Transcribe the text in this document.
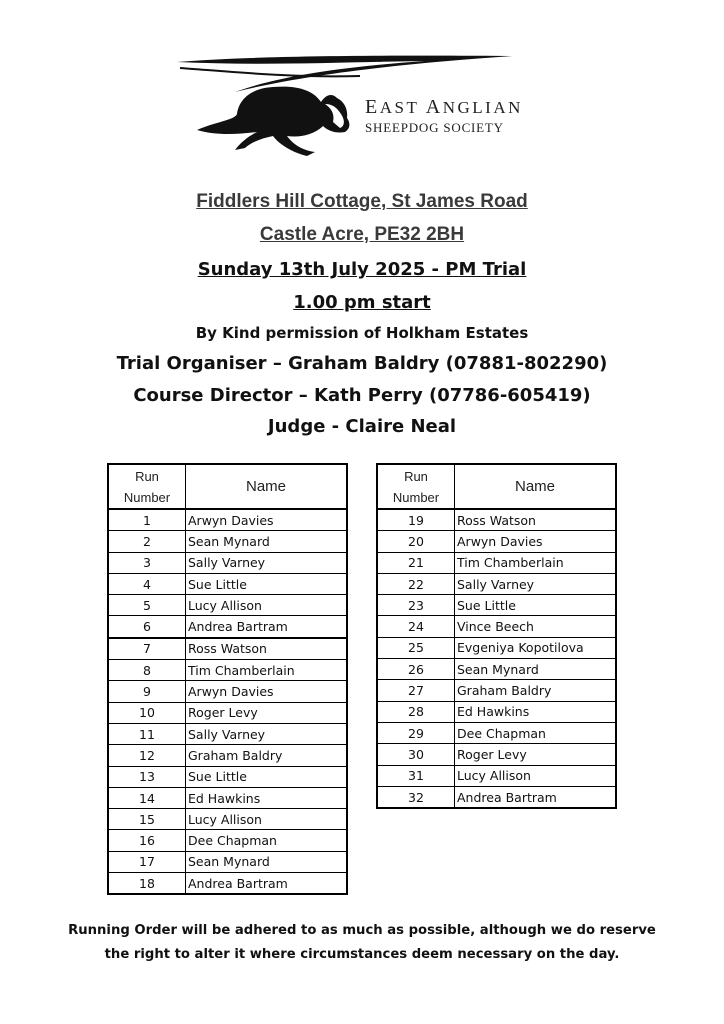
EAST ANGLIAN
SHEEPDOG SOCIETY
Fiddlers Hill Cottage, St James Road
Castle Acre, PE32 2BH
Sunday 13th July 2025 - PM Trial
1.00 pm start
By Kind permission of Holkham Estates
Trial Organiser – Graham Baldry (07881-802290)
Course Director – Kath Perry (07786-605419)
Judge - Claire Neal
Run
Number	Name
1	Arwyn Davies
2	Sean Mynard
3	Sally Varney
4	Sue Little
5	Lucy Allison
6	Andrea Bartram
7	Ross Watson
8	Tim Chamberlain
9	Arwyn Davies
10	Roger Levy
11	Sally Varney
12	Graham Baldry
13	Sue Little
14	Ed Hawkins
15	Lucy Allison
16	Dee Chapman
17	Sean Mynard
18	Andrea Bartram
Run
Number	Name
19	Ross Watson
20	Arwyn Davies
21	Tim Chamberlain
22	Sally Varney
23	Sue Little
24	Vince Beech
25	Evgeniya Kopotilova
26	Sean Mynard
27	Graham Baldry
28	Ed Hawkins
29	Dee Chapman
30	Roger Levy
31	Lucy Allison
32	Andrea Bartram
Running Order will be adhered to as much as possible, although we do reserve
the right to alter it where circumstances deem necessary on the day.
